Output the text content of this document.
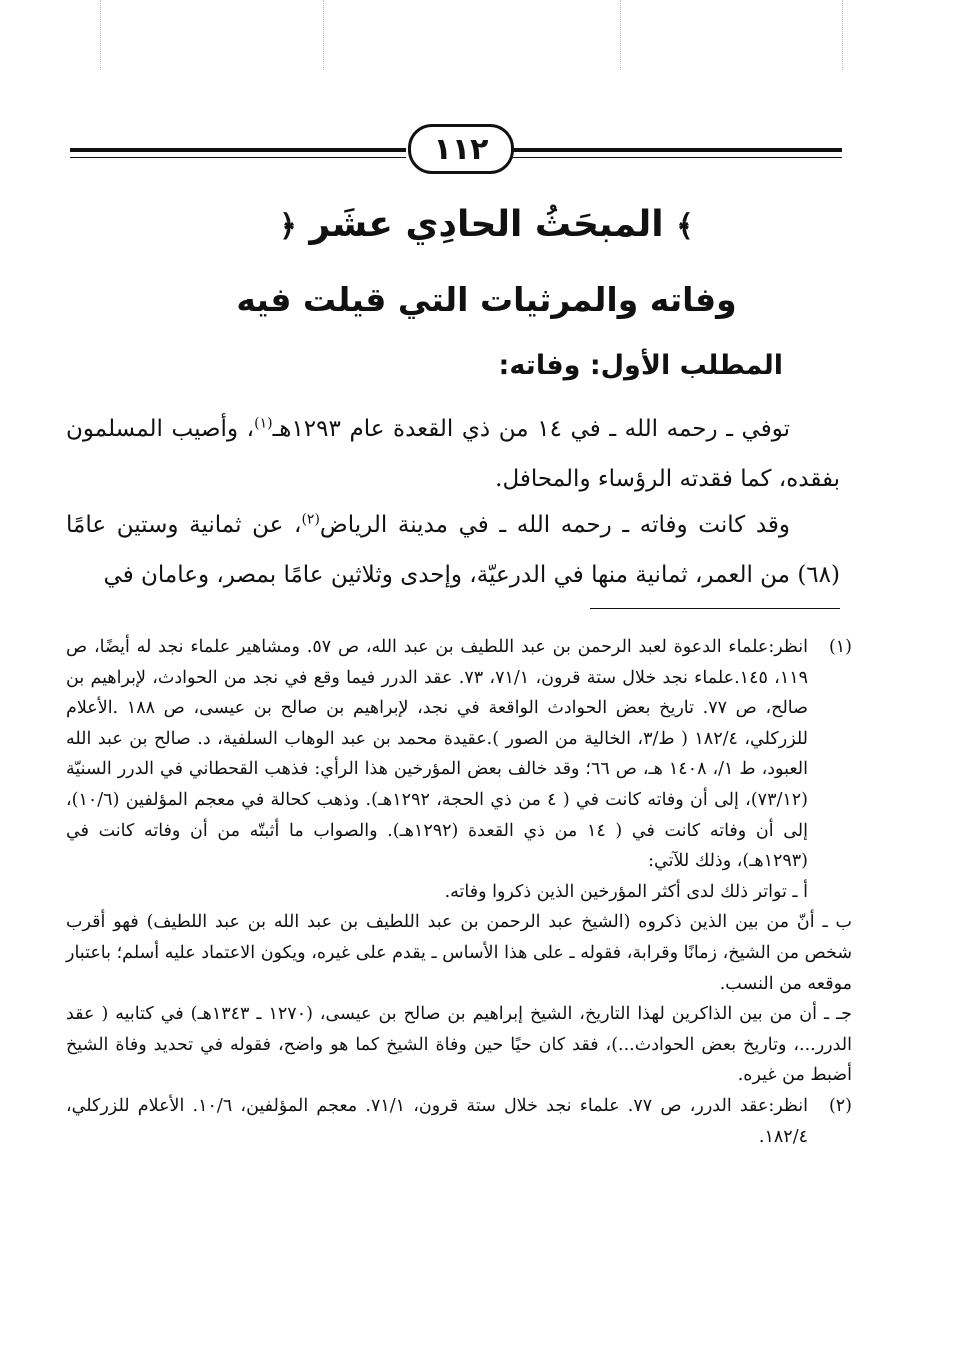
١١٢
﴾ المبحَثُ الحادِي عشَر ﴿
وفاته والمرثيات التي قيلت فيه
المطلب الأول: وفاته:
توفي ـ رحمه الله ـ في ١٤ من ذي القعدة عام ١٢٩٣هـ$^{(١)}$، وأصيب المسلمون بفقده، كما فقدته الرؤساء والمحافل.
وقد كانت وفاته ـ رحمه الله ـ في مدينة الرياض$^{(٢)}$، عن ثمانية وستين عامًا (٦٨) من العمر، ثمانية منها في الدرعيّة، وإحدى وثلاثين عامًا بمصر، وعامان في
(١)
انظر:علماء الدعوة لعبد الرحمن بن عبد اللطيف بن عبد الله، ص ٥٧. ومشاهير علماء نجد له أيضًا، ص ١١٩، ١٤٥.علماء نجد خلال ستة قرون، ٧١/١، ٧٣. عقد الدرر فيما وقع في نجد من الحوادث، لإبراهيم بن صالح، ص ٧٧. تاريخ بعض الحوادث الواقعة في نجد، لإبراهيم بن صالح بن عيسى، ص ١٨٨ .الأعلام للزركلي، ١٨٢/٤ ( ط/٣، الخالية من الصور ).عقيدة محمد بن عبد الوهاب السلفية، د. صالح بن عبد الله العبود، ط ١/، ١٤٠٨ هـ، ص ٦٦؛ وقد خالف بعض المؤرخين هذا الرأي: فذهب القحطاني في الدرر السنيّة (٧٣/١٢)، إلى أن وفاته كانت في ( ٤ من ذي الحجة، ١٢٩٢هـ). وذهب كحالة في معجم المؤلفين (١٠/٦)، إلى أن وفاته كانت في ( ١٤ من ذي القعدة (١٢٩٢هـ). والصواب ما أثبتّه من أن وفاته كانت في (١٢٩٣هـ)، وذلك للآتي:
أ ـ تواتر ذلك لدى أكثر المؤرخين الذين ذكروا وفاته.
ب ـ أنّ من بين الذين ذكروه (الشيخ عبد الرحمن بن عبد اللطيف بن عبد الله بن عبد اللطيف) فهو أقرب شخص من الشيخ، زمانًا وقرابة، فقوله ـ على هذا الأساس ـ يقدم على غيره، ويكون الاعتماد عليه أسلم؛ باعتبار موقعه من النسب.
جـ ـ أن من بين الذاكرين لهذا التاريخ، الشيخ إبراهيم بن صالح بن عيسى، (١٢٧٠ ـ ١٣٤٣هـ) في كتابيه ( عقد الدرر...، وتاريخ بعض الحوادث...)، فقد كان حيًا حين وفاة الشيخ كما هو واضح، فقوله في تحديد وفاة الشيخ أضبط من غيره.
(٢)
انظر:عقد الدرر، ص ٧٧. علماء نجد خلال ستة قرون، ٧١/١. معجم المؤلفين، ١٠/٦. الأعلام للزركلي، ١٨٢/٤.
